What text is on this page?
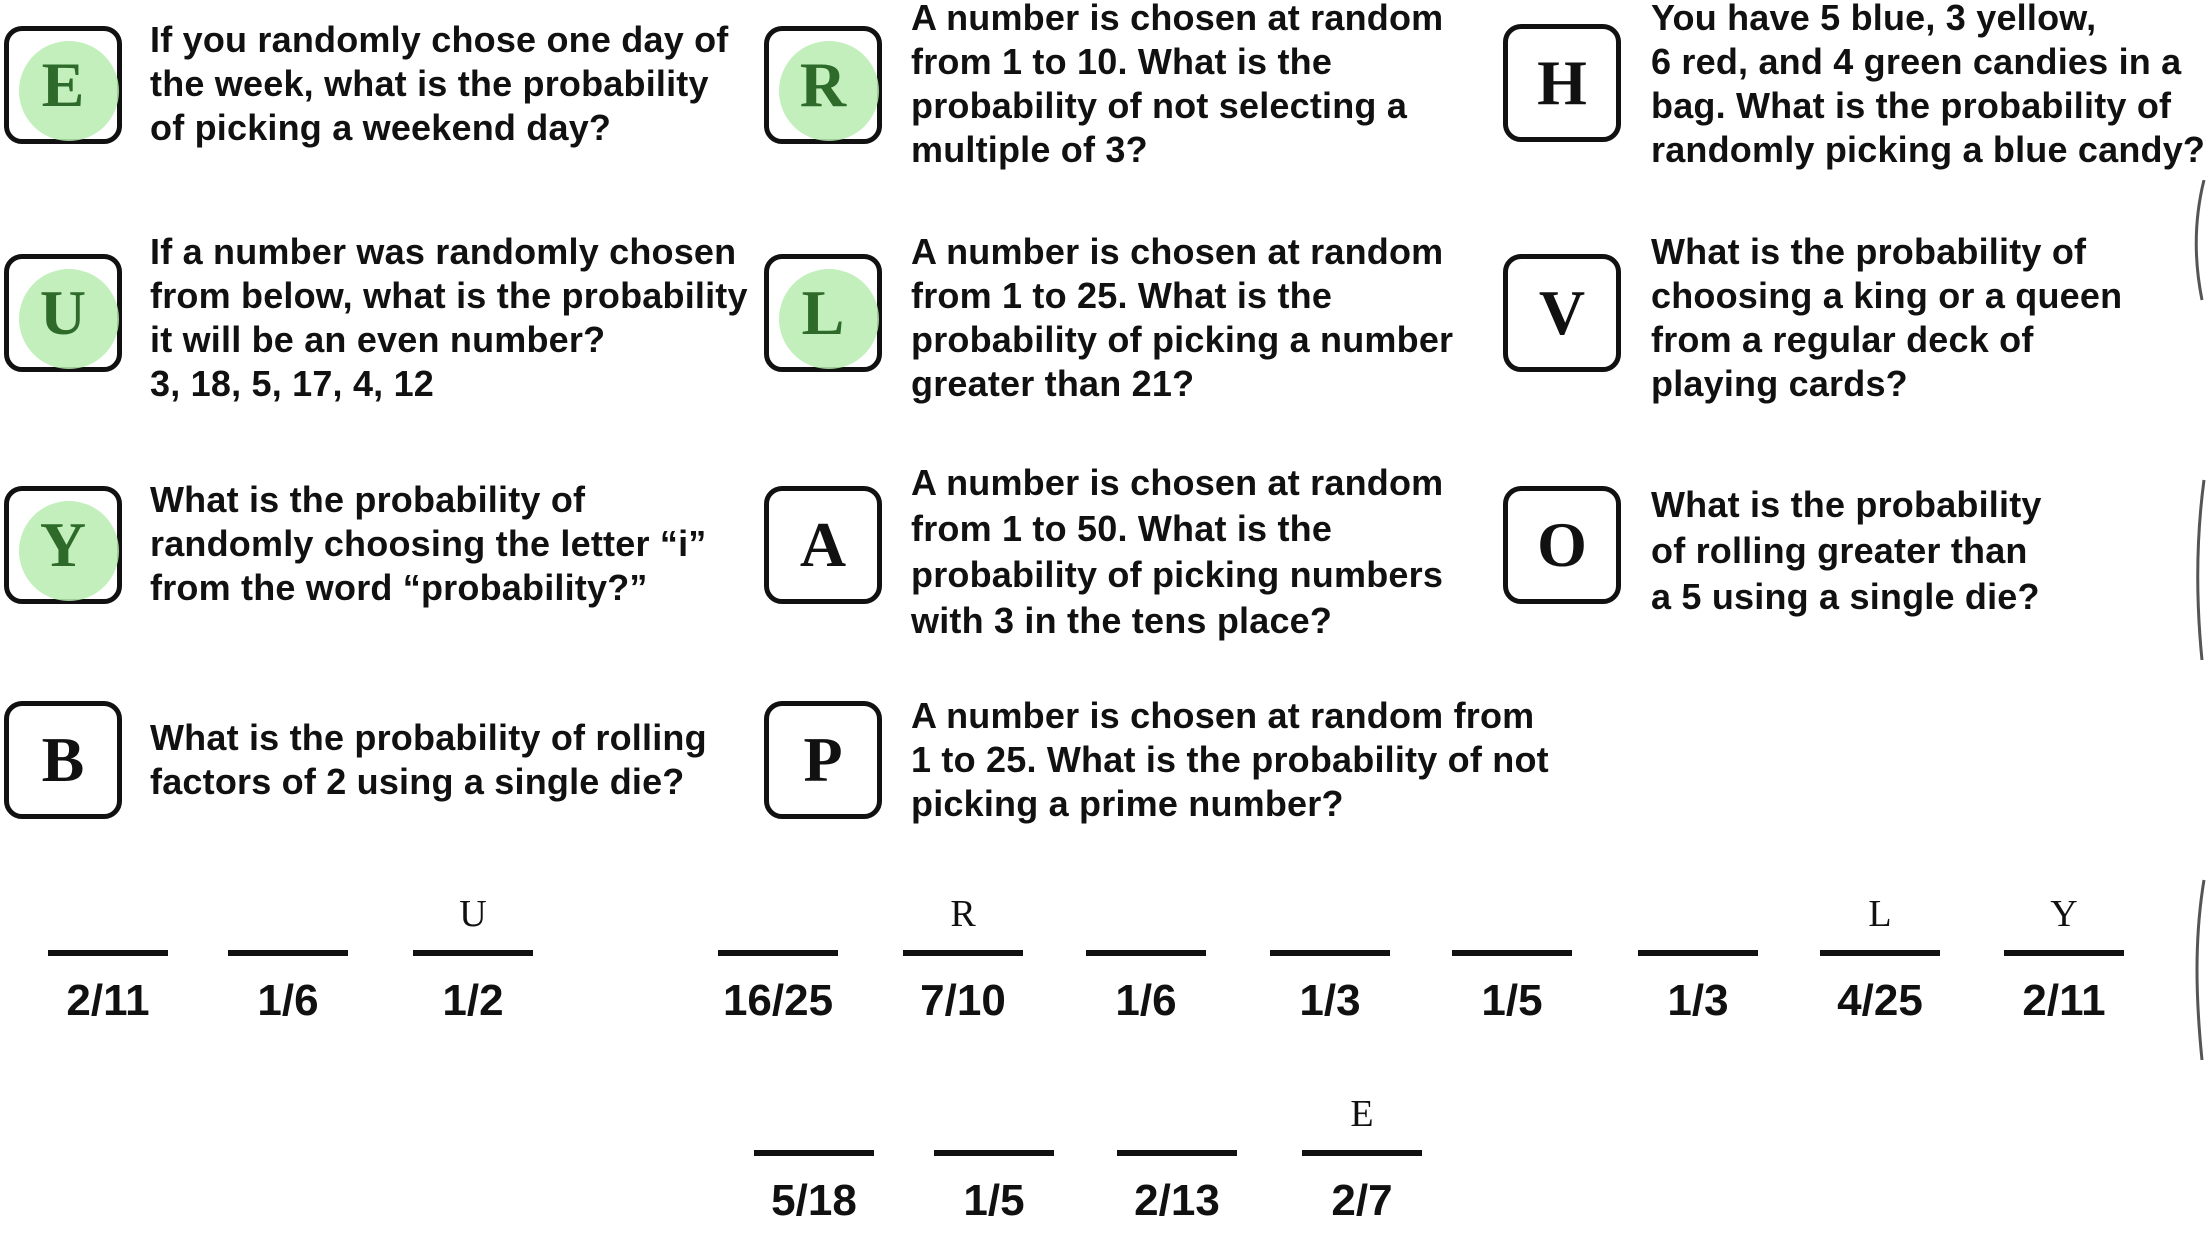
E
If you randomly chose one day of
the week, what is the probability
of picking a weekend day?
R
A number is chosen at random
from 1 to 10. What is the
probability of not selecting a
multiple of 3?
H
You have 5 blue, 3 yellow,
6 red, and 4 green candies in a
bag. What is the probability of
randomly picking a blue candy?
U
If a number was randomly chosen
from below, what is the probability
it will be an even number?
3, 18, 5, 17, 4, 12
L
A number is chosen at random
from 1 to 25. What is the
probability of picking a number
greater than 21?
V
What is the probability of
choosing a king or a queen
from a regular deck of
playing cards?
Y
What is the probability of
randomly choosing the letter “i”
from the word “probability?”
A
A number is chosen at random
from 1 to 50. What is the
probability of picking numbers
with 3 in the tens place?
O
What is the probability
of rolling greater than
a 5 using a single die?
B What is the probability of rolling
factors of 2 using a single die?	P
A number is chosen at random from
1 to 25. What is the probability of not
picking a prime number?
2/11	1/6
U
1/2	16/25
R
7/10	1/6	1/3	1/5	1/3
L
4/25
Y
2/11
5/18	1/5	2/13
E
2/7
